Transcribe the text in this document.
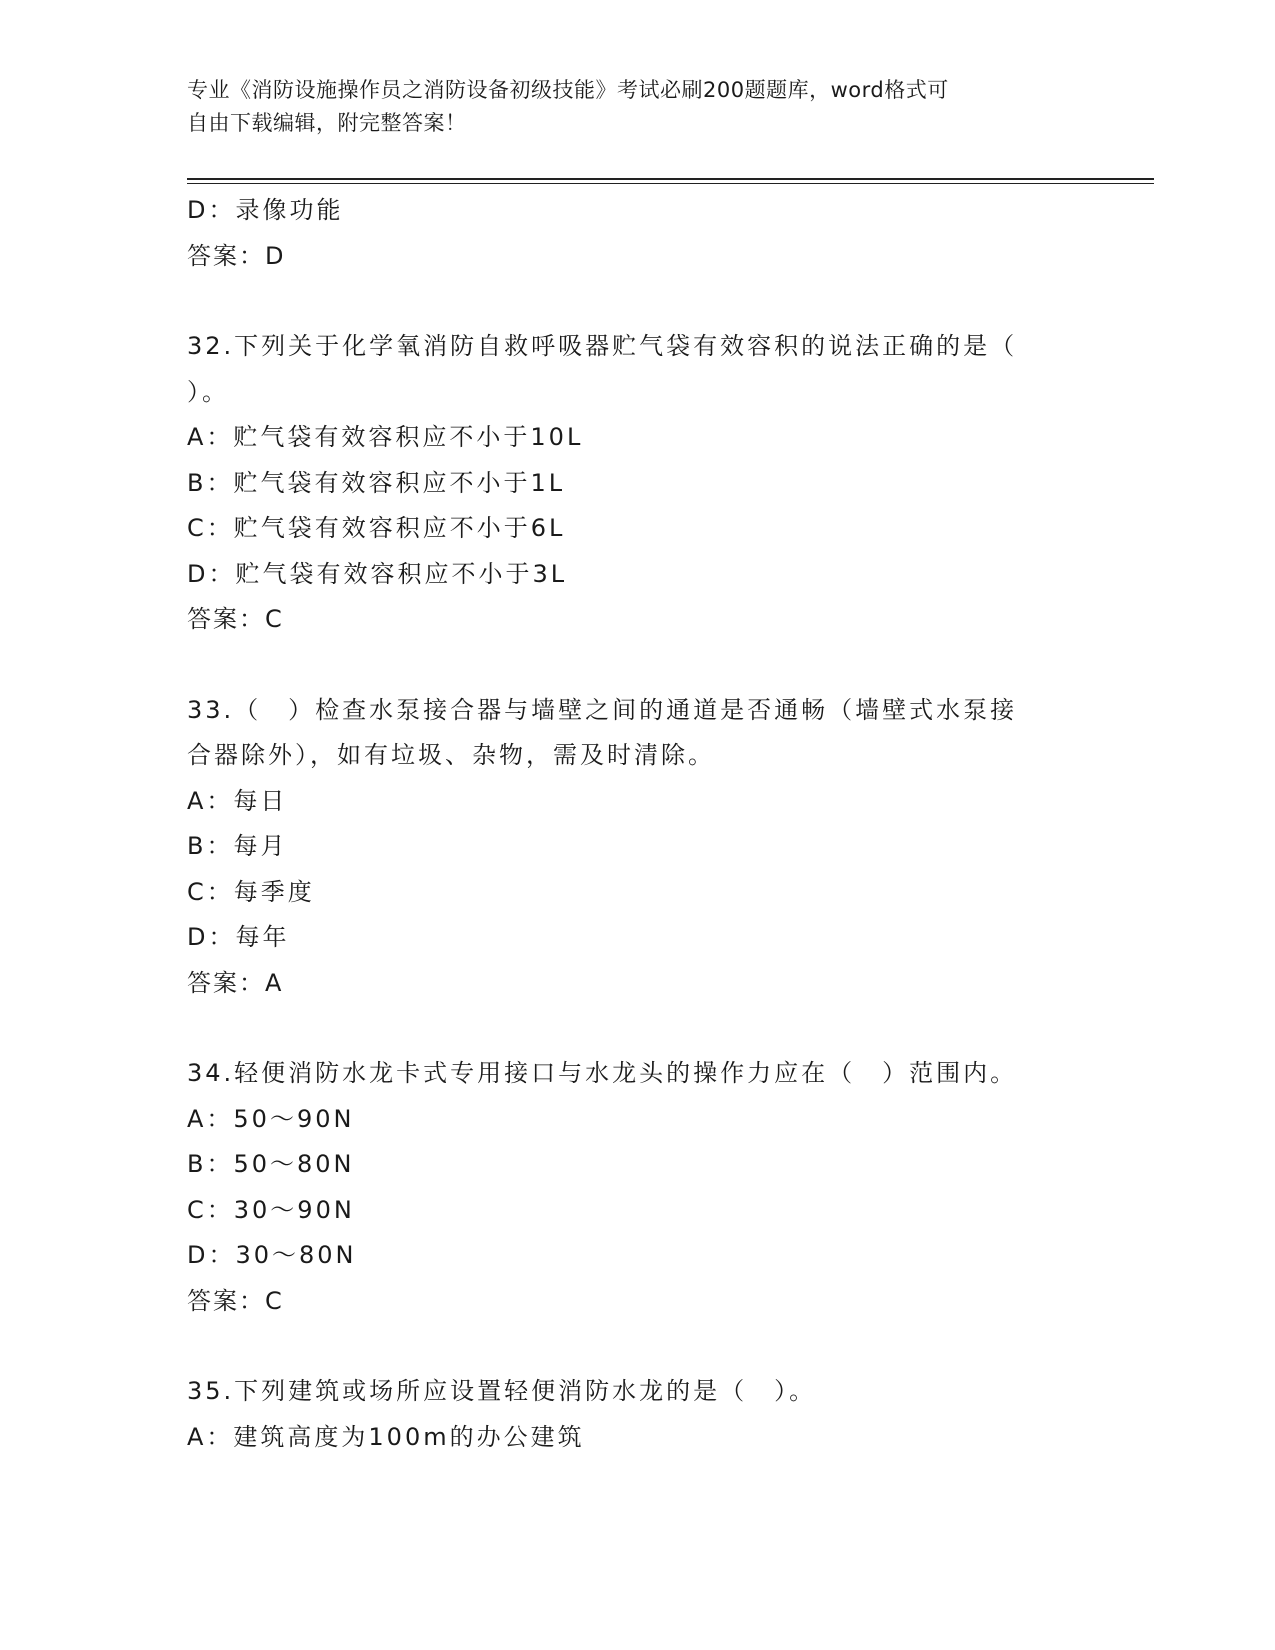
专业《消防设施操作员之消防设备初级技能》考试必刷200题题库，word格式可
自由下载编辑，附完整答案！
D：录像功能
答案：D
32.下列关于化学氧消防自救呼吸器贮气袋有效容积的说法正确的是（
）。
A：贮气袋有效容积应不小于10L
B：贮气袋有效容积应不小于1L
C：贮气袋有效容积应不小于6L
D：贮气袋有效容积应不小于3L
答案：C
33.（　）检查水泵接合器与墙壁之间的通道是否通畅（墙壁式水泵接
合器除外），如有垃圾、杂物，需及时清除。
A：每日
B：每月
C：每季度
D：每年
答案：A
34.轻便消防水龙卡式专用接口与水龙头的操作力应在（　）范围内。
A：50～90N
B：50～80N
C：30～90N
D：30～80N
答案：C
35.下列建筑或场所应设置轻便消防水龙的是（　）。
A：建筑高度为100m的办公建筑
